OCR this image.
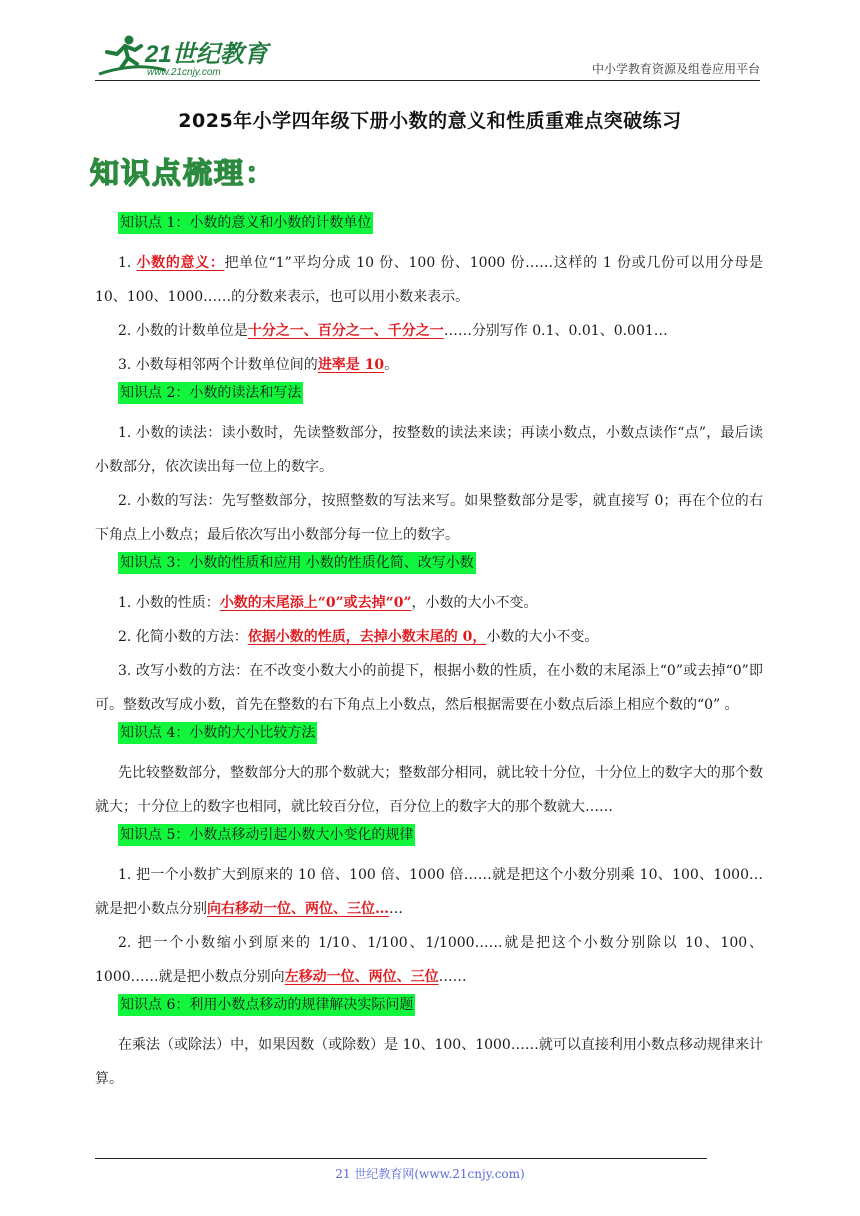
21世纪教育
www.21cnjy.com	中小学教育资源及组卷应用平台
2025年小学四年级下册小数的意义和性质重难点突破练习
知识点梳理：
知识点 1：小数的意义和小数的计数单位

1. 小数的意义：把单位“1”平均分成 10 份、100 份、1000 份……这样的 1 份或几份可以用分母是 10、100、1000……的分数来表示，也可以用小数来表示。

2. 小数的计数单位是十分之一、百分之一、千分之一……分别写作 0.1、0.01、0.001…

3. 小数每相邻两个计数单位间的进率是 10。

知识点 2：小数的读法和写法

1. 小数的读法：读小数时，先读整数部分，按整数的读法来读；再读小数点，小数点读作“点”，最后读小数部分，依次读出每一位上的数字。

2. 小数的写法：先写整数部分，按照整数的写法来写。如果整数部分是零，就直接写 0；再在个位的右下角点上小数点；最后依次写出小数部分每一位上的数字。

知识点 3：小数的性质和应用 小数的性质化简、改写小数

1. 小数的性质：小数的末尾添上“0”或去掉“0”，小数的大小不变。

2. 化简小数的方法：依据小数的性质，去掉小数末尾的 0，小数的大小不变。

3. 改写小数的方法：在不改变小数大小的前提下，根据小数的性质，在小数的末尾添上“0”或去掉“0”即可。整数改写成小数，首先在整数的右下角点上小数点，然后根据需要在小数点后添上相应个数的“0” 。

知识点 4：小数的大小比较方法

先比较整数部分，整数部分大的那个数就大；整数部分相同，就比较十分位，十分位上的数字大的那个数就大；十分位上的数字也相同，就比较百分位，百分位上的数字大的那个数就大……

知识点 5：小数点移动引起小数大小变化的规律

1. 把一个小数扩大到原来的 10 倍、100 倍、1000 倍……就是把这个小数分别乘 10、100、1000…就是把小数点分别向右移动一位、两位、三位……

2. 把一个小数缩小到原来的 1/10、1/100、1/1000……就是把这个小数分别除以 10、100、1000……就是把小数点分别向左移动一位、两位、三位……

知识点 6：利用小数点移动的规律解决实际问题

在乘法（或除法）中，如果因数（或除数）是 10、100、1000……就可以直接利用小数点移动规律来计算。

21 世纪教育网(www.21cnjy.com)
